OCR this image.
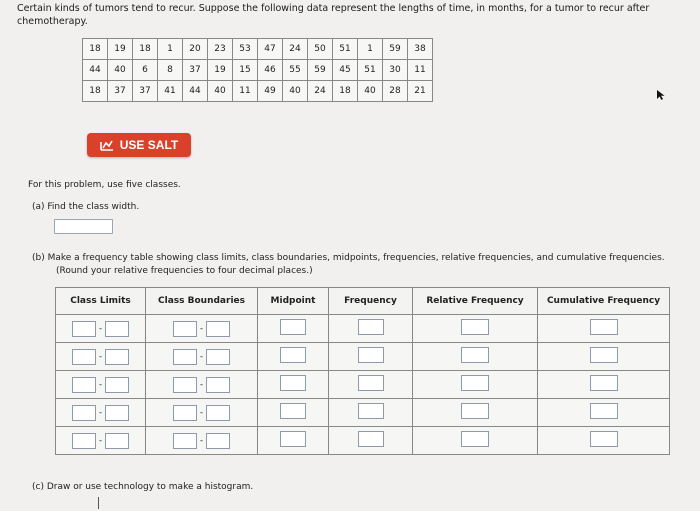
Certain kinds of tumors tend to recur. Suppose the following data represent the lengths of time, in months, for a tumor to recur after chemotherapy.
18	19	18	1	20	23	53	47	24	50	51	1	59	38
44	40	6	8	37	19	15	46	55	59	45	51	30	11
18	37	37	41	44	40	11	49	40	24	18	40	28	21
USE SALT
For this problem, use five classes.
(a) Find the class width.
(b) Make a frequency table showing class limits, class boundaries, midpoints, frequencies, relative frequencies, and cumulative frequencies.
(Round your relative frequencies to four decimal places.)
Class Limits	Class Boundaries	Midpoint	Frequency	Relative Frequency	Cumulative Frequency

-	-				

-	-				

-	-				

-	-				

-	-				

(c) Draw or use technology to make a histogram.
